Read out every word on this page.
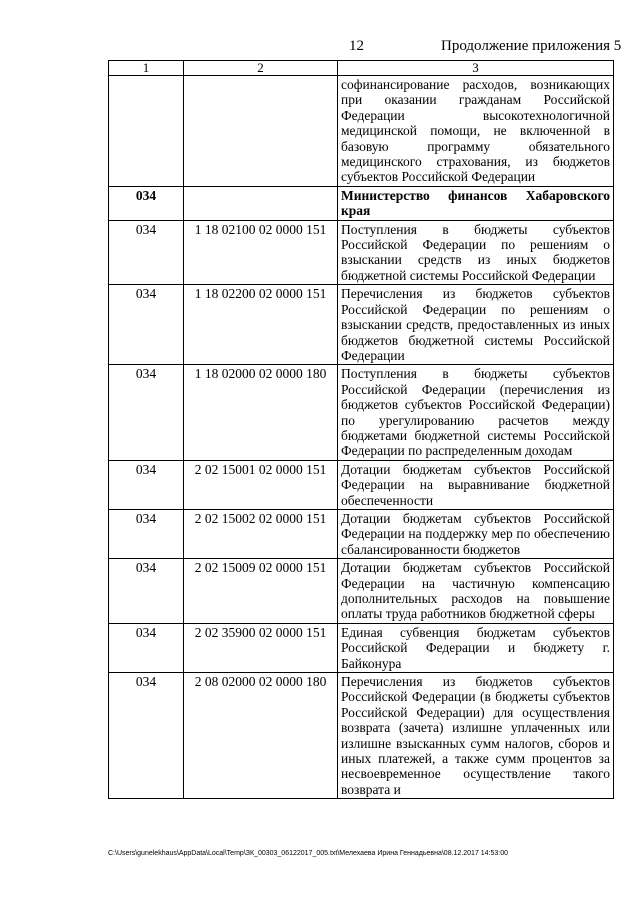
12	Продолжение приложения 5
1	2	3
		софинансирование расходов, возникающих при оказании гражданам Российской Федерации высокотехнологичной медицинской помощи, не включенной в базовую программу обязательного медицинского страхования, из бюджетов субъектов Российской Федерации
034		Министерство финансов Хабаровского края
034	1 18 02100 02 0000 151	Поступления в бюджеты субъектов Российской Федерации по решениям о взыскании средств из иных бюджетов бюджетной системы Российской Федерации
034	1 18 02200 02 0000 151	Перечисления из бюджетов субъектов Российской Федерации по решениям о взыскании средств, предоставленных из иных бюджетов бюджетной системы Российской Федерации
034	1 18 02000 02 0000 180	Поступления в бюджеты субъектов Российской Федерации (перечисления из бюджетов субъектов Российской Федерации) по урегулированию расчетов между бюджетами бюджетной системы Российской Федерации по распределенным доходам
034	2 02 15001 02 0000 151	Дотации бюджетам субъектов Российской Федерации на выравнивание бюджетной обеспеченности
034	2 02 15002 02 0000 151	Дотации бюджетам субъектов Российской Федерации на поддержку мер по обеспечению сбалансированности бюджетов
034	2 02 15009 02 0000 151	Дотации бюджетам субъектов Российской Федерации на частичную компенсацию дополнительных расходов на повышение оплаты труда работников бюджетной сферы
034	2 02 35900 02 0000 151	Единая субвенция бюджетам субъектов Российской Федерации и бюджету г. Байконура
034	2 08 02000 02 0000 180	Перечисления из бюджетов субъектов Российской Федерации (в бюджеты субъектов Российской Федерации) для осуществления возврата (зачета) излишне уплаченных или излишне взысканных сумм налогов, сборов и иных платежей, а также сумм процентов за несвоевременное осуществление такого возврата и
C:\Users\gunelekhaus\AppData\Local\Temp\ЗК_00303_06122017_005.txt\Мелехаева Ирина Геннадьевна\08.12.2017 14:53:00
